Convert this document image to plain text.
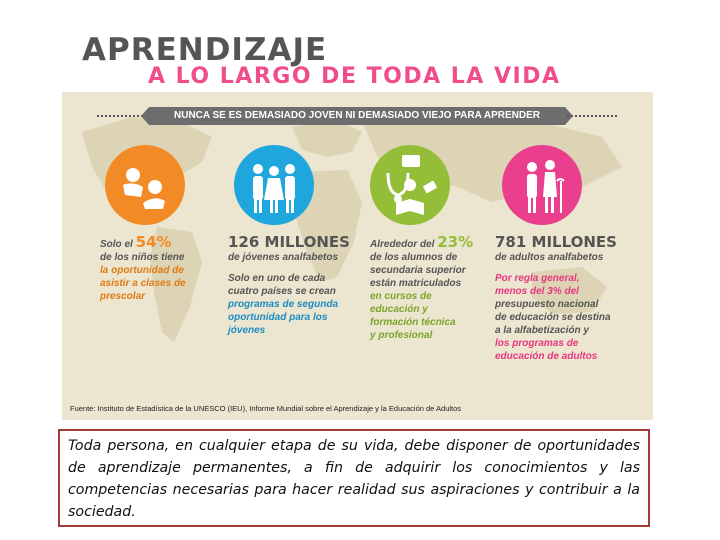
APRENDIZAJE
A LO LARGO DE TODA LA VIDA
NUNCA SE ES DEMASIADO JOVEN NI DEMASIADO VIEJO PARA APRENDER

Solo el 54%

de los niños tiene
la oportunidad de
asistir a clases de
prescolar

126 MILLONES

de jóvenes analfabetos
Solo en uno de cada
cuatro países se crean
programas de segunda
oportunidad para los
jóvenes

Alrededor del 23%

de los alumnos de
secundaria superior
están matriculados
en cursos de
educación y
formación técnica
y profesional

781 MILLONES

de adultos analfabetos
Por regla general,
menos del 3% del
presupuesto nacional
de educación se destina
a la alfabetización y
los programas de
educación de adultos
Fuente: Instituto de Estadística de la UNESCO (IEU), Informe Mundial sobre el Aprendizaje y la Educación de Adultos

Toda persona, en cualquier etapa de su vida, debe disponer de oportunidades de aprendizaje permanentes, a fin de adquirir los conocimientos y las competencias necesarias para hacer realidad sus aspiraciones y contribuir a la sociedad.
